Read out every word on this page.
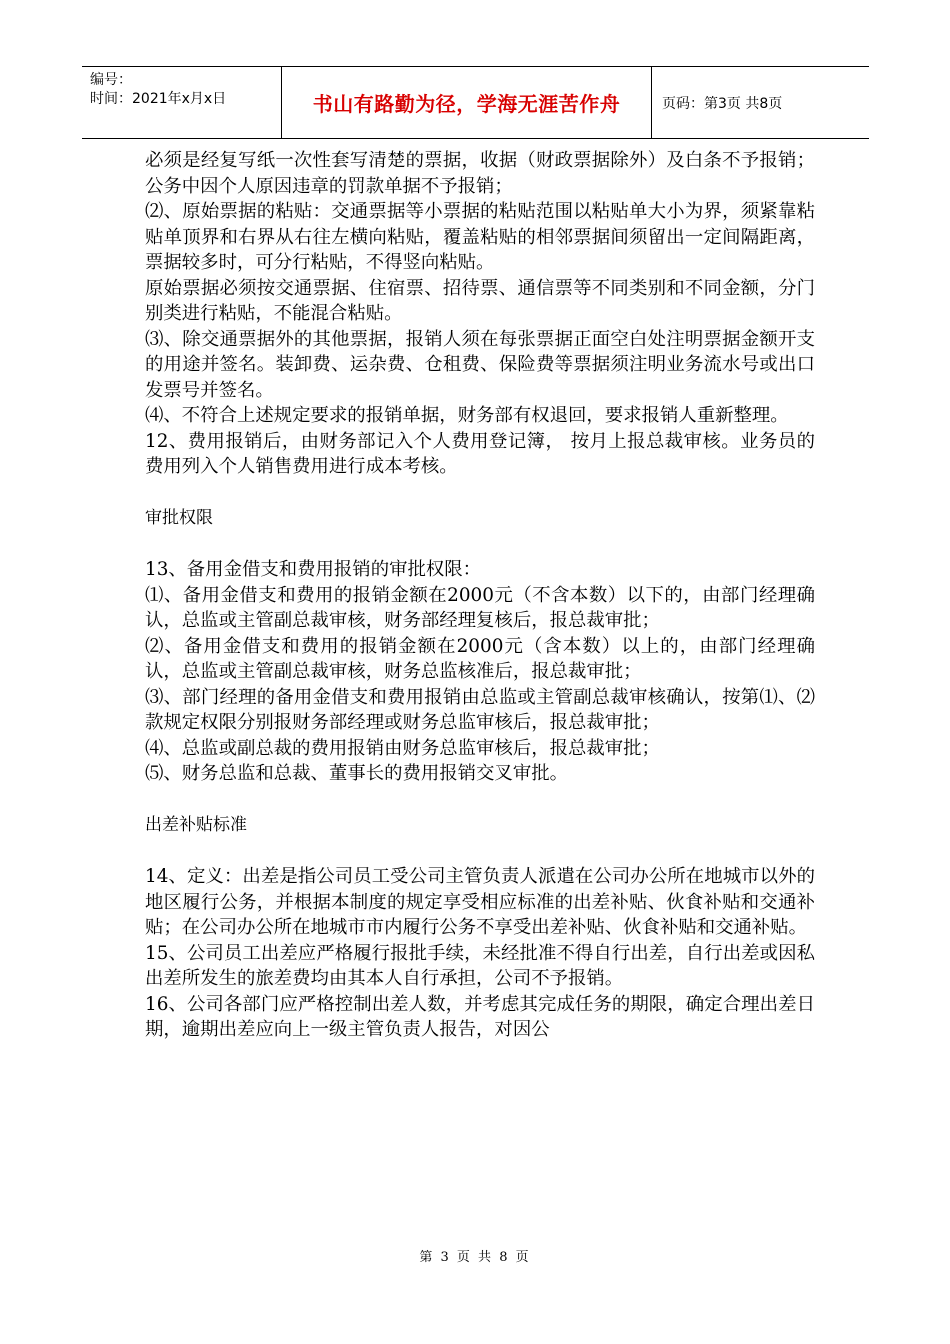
编号：
时间：2021年x月x日	书山有路勤为径，学海无涯苦作舟	页码：第3页 共8页

必须是经复写纸一次性套写清楚的票据，收据（财政票据除外）及白条不予报销；公务中因个人原因违章的罚款单据不予报销；

⑵、原始票据的粘贴：交通票据等小票据的粘贴范围以粘贴单大小为界，须紧靠粘贴单顶界和右界从右往左横向粘贴，覆盖粘贴的相邻票据间须留出一定间隔距离，票据较多时，可分行粘贴，不得竖向粘贴。

原始票据必须按交通票据、住宿票、招待票、通信票等不同类别和不同金额，分门别类进行粘贴，不能混合粘贴。

⑶、除交通票据外的其他票据，报销人须在每张票据正面空白处注明票据金额开支的用途并签名。装卸费、运杂费、仓租费、保险费等票据须注明业务流水号或出口发票号并签名。

⑷、不符合上述规定要求的报销单据，财务部有权退回，要求报销人重新整理。

12、费用报销后，由财务部记入个人费用登记簿， 按月上报总裁审核。业务员的费用列入个人销售费用进行成本考核。

审批权限

13、备用金借支和费用报销的审批权限：

⑴、备用金借支和费用的报销金额在2000元（不含本数）以下的，由部门经理确认，总监或主管副总裁审核，财务部经理复核后，报总裁审批；

⑵、备用金借支和费用的报销金额在2000元（含本数）以上的，由部门经理确认，总监或主管副总裁审核，财务总监核准后，报总裁审批；

⑶、部门经理的备用金借支和费用报销由总监或主管副总裁审核确认，按第⑴、⑵款规定权限分别报财务部经理或财务总监审核后，报总裁审批；

⑷、总监或副总裁的费用报销由财务总监审核后，报总裁审批；

⑸、财务总监和总裁、董事长的费用报销交叉审批。

出差补贴标准

14、定义：出差是指公司员工受公司主管负责人派遣在公司办公所在地城市以外的地区履行公务，并根据本制度的规定享受相应标准的出差补贴、伙食补贴和交通补贴；在公司办公所在地城市市内履行公务不享受出差补贴、伙食补贴和交通补贴。

15、公司员工出差应严格履行报批手续，未经批准不得自行出差，自行出差或因私出差所发生的旅差费均由其本人自行承担，公司不予报销。

16、公司各部门应严格控制出差人数，并考虑其完成任务的期限，确定合理出差日期，逾期出差应向上一级主管负责人报告，对因公

第 3 页 共 8 页
